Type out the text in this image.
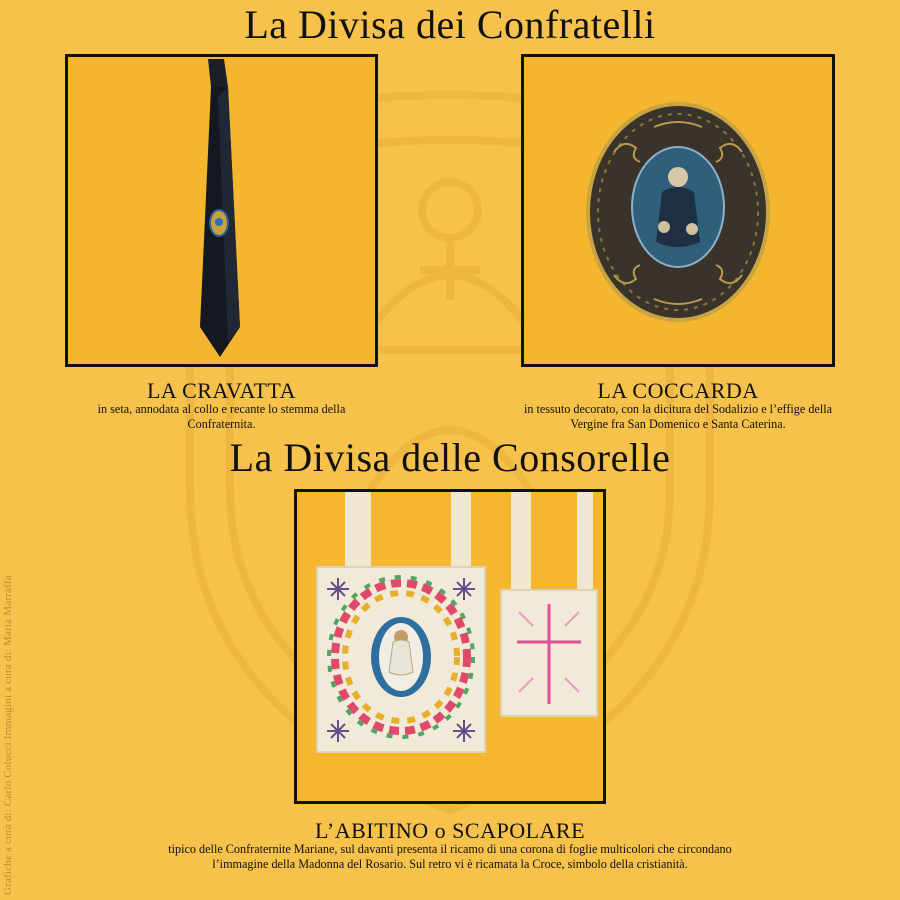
La Divisa dei Confratelli
LA CRAVATTA
in seta, annodata al collo e recante lo stemma della Confraternita.
LA COCCARDA
in tessuto decorato, con la dicitura del Sodalizio e l’effige della Vergine fra San Domenico e Santa Caterina.
La Divisa delle Consorelle
L’ABITINO o SCAPOLARE
tipico delle Confraternite Mariane, sul davanti presenta il ricamo di una corona di foglie multicolori che circondano l’immagine della Madonna del Rosario. Sul retro vi è ricamata la Croce, simbolo della cristianità.
Grafiche a cura di: Carlo Colucci Immagini a cura di: Maria Marraffa
